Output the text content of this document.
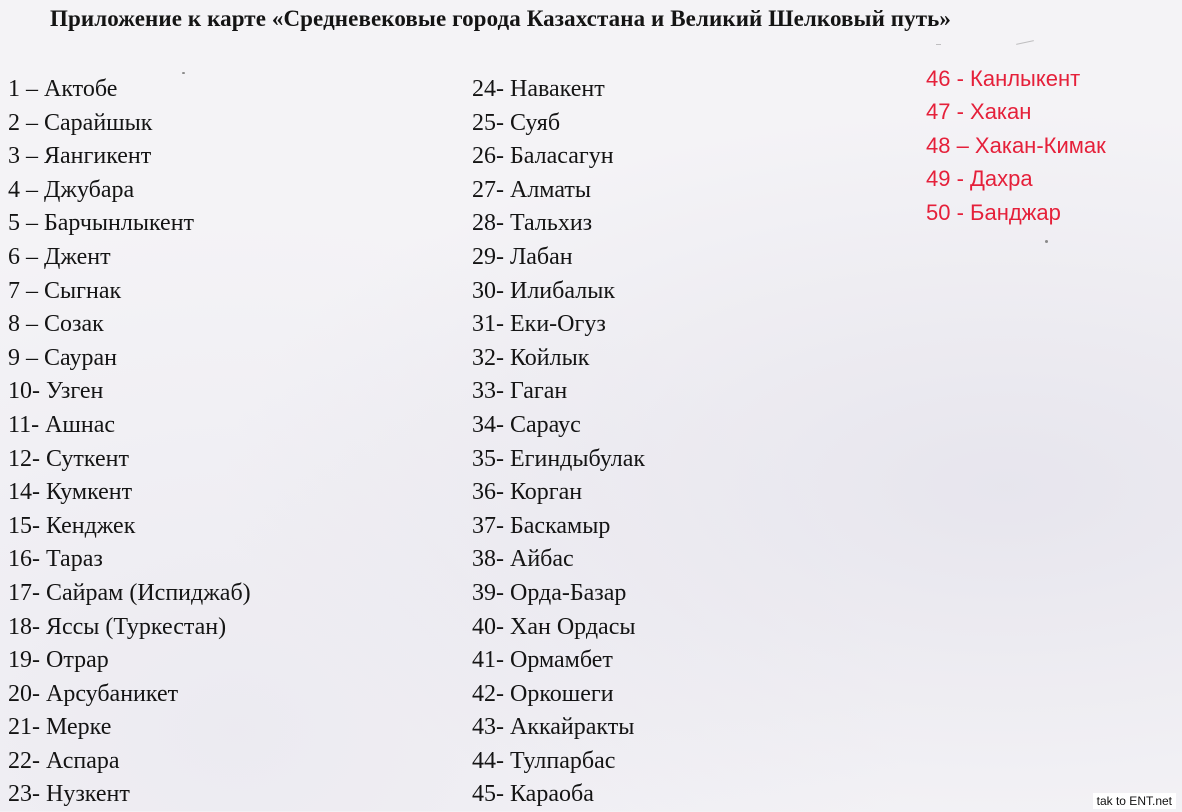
Приложение к карте «Средневековые города Казахстана и Великий Шелковый путь»
1 – Актобе
2 – Сарайшык
3 – Яангикент
4 – Джубара
5 – Барчынлыкент
6 – Джент
7 – Сыгнак
8 – Созак
9 – Сауран
10- Узген
11- Ашнас
12- Суткент
14- Кумкент
15- Кенджек
16- Тараз
17- Сайрам (Испиджаб)
18- Яссы (Туркестан)
19- Отрар
20- Арсубаникет
21- Мерке
22- Аспара
23- Нузкент
24- Навакент
25- Суяб
26- Баласагун
27- Алматы
28- Тальхиз
29- Лабан
30- Илибалык
31- Еки-Огуз
32- Койлык
33- Гаган
34- Сараус
35- Егиндыбулак
36- Корган
37- Баскамыр
38- Айбас
39- Орда-Базар
40- Хан Ордасы
41- Ормамбет
42- Оркошеги
43- Аккайракты
44- Тулпарбас
45- Караоба
46 - Канлыкент
47 - Хакан
48 – Хакан-Кимак
49 - Дахра
50 - Банджар
tak to ENT.net
